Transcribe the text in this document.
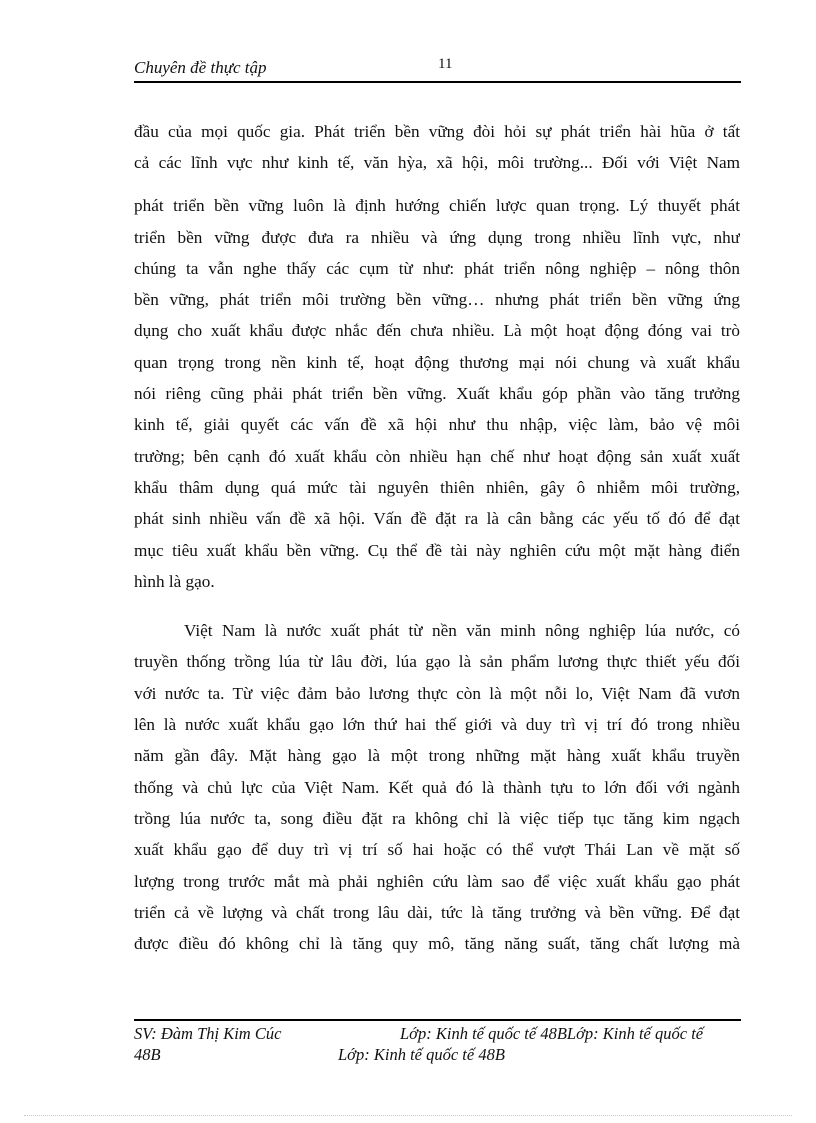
Chuyên đề thực tập	11
đầu của mọi quốc gia. Phát triển bền vững đòi hỏi sự phát triển hài hũa ở tất
cả các lĩnh vực như kinh tế, văn hỳa, xã hội, môi trường... Đối với Việt Nam
phát triển bền vững luôn là định hướng chiến lược quan trọng. Lý thuyết phát
triển bền vững được đưa ra nhiều và ứng dụng trong nhiều lĩnh vực, như
chúng ta vẫn nghe thấy các cụm từ như: phát triển nông nghiệp – nông thôn
bền vững, phát triển môi trường bền vững… nhưng phát triển bền vững ứng
dụng cho xuất khẩu được nhắc đến chưa nhiều. Là một hoạt động đóng vai trò
quan trọng trong nền kinh tế, hoạt động thương mại nói chung và xuất khẩu
nói riêng cũng phải phát triển bền vững. Xuất khẩu góp phần vào tăng trưởng
kinh tế, giải quyết các vấn đề xã hội như thu nhập, việc làm, bảo vệ môi
trường; bên cạnh đó xuất khẩu còn nhiều hạn chế như hoạt động sản xuất xuất
khẩu thâm dụng quá mức tài nguyên thiên nhiên, gây ô nhiễm môi trường,
phát sinh nhiều vấn đề xã hội. Vấn đề đặt ra là cân bằng các yếu tố đó để đạt
mục tiêu xuất khẩu bền vững. Cụ thể đề tài này nghiên cứu một mặt hàng điển
hình là gạo.
Việt Nam là nước xuất phát từ nền văn minh nông nghiệp lúa nước, có
truyền thống trồng lúa từ lâu đời, lúa gạo là sản phẩm lương thực thiết yếu đối
với nước ta. Từ việc đảm bảo lương thực còn là một nỗi lo, Việt Nam đã vươn
lên là nước xuất khẩu gạo lớn thứ hai thế giới và duy trì vị trí đó trong nhiều
năm gần đây. Mặt hàng gạo là một trong những mặt hàng xuất khẩu truyền
thống và chủ lực của Việt Nam. Kết quả đó là thành tựu to lớn đối với ngành
trồng lúa nước ta, song điều đặt ra không chỉ là việc tiếp tục tăng kim ngạch
xuất khẩu gạo để duy trì vị trí số hai hoặc có thể vượt Thái Lan về mặt số
lượng trong trước mắt mà phải nghiên cứu làm sao để việc xuất khẩu gạo phát
triển cả về lượng và chất trong lâu dài, tức là tăng trưởng và bền vững. Để đạt
được điều đó không chỉ là tăng quy mô, tăng năng suất, tăng chất lượng mà
SV: Đàm Thị Kim Cúc	Lớp: Kinh tế quốc tế 48BLớp: Kinh tế quốc tế
48B	Lớp: Kinh tế quốc tế 48B
